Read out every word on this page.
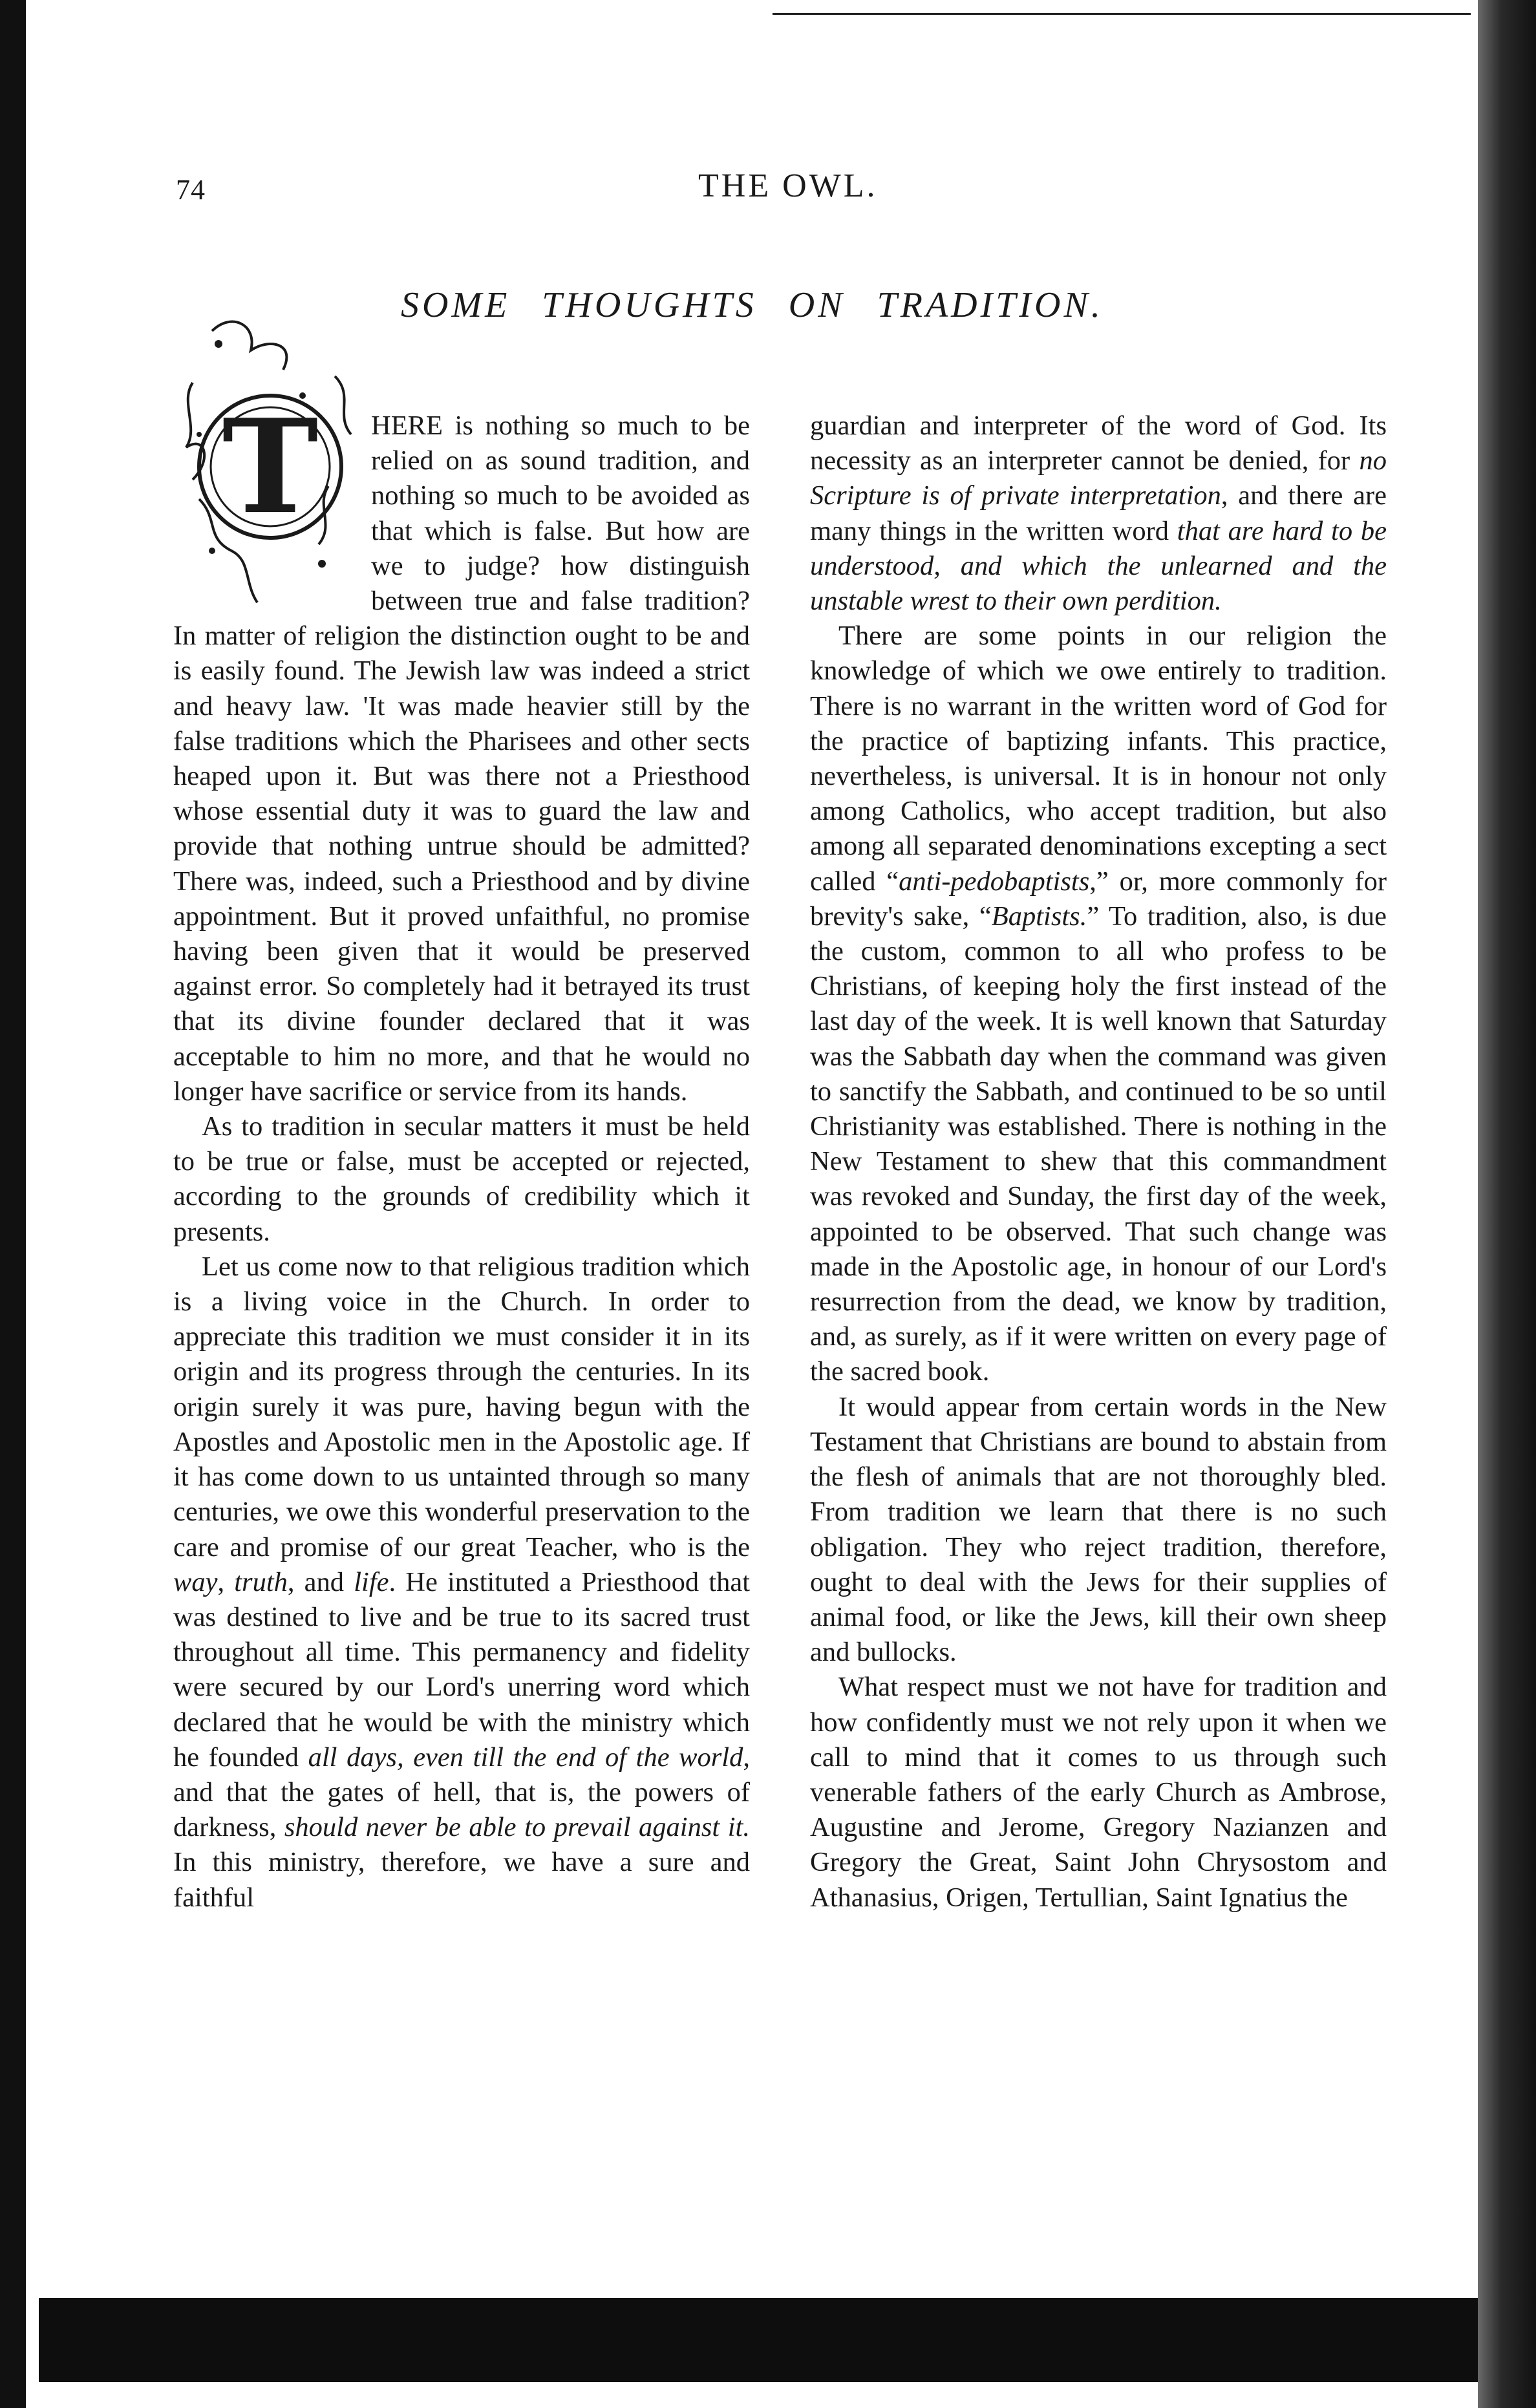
74	THE OWL.
SOME THOUGHTS ON TRADITION.
T	HERE is nothing so much to be relied on as sound tradition, and nothing so much to be avoided as that which is false. But how are we to judge? how distinguish between true and false tradition? In matter of religion the distinction ought to be and is easily found. The Jewish law was indeed a strict and heavy law. 'It was made heavier still by the false traditions which the Pharisees and other sects heaped upon it. But was there not a Priesthood whose essential duty it was to guard the law and provide that nothing untrue should be admitted? There was, indeed, such a Priesthood and by divine appointment. But it proved unfaithful, no promise having been given that it would be preserved against error. So completely had it betrayed its trust that its divine founder declared that it was acceptable to him no more, and that he would no longer have sacrifice or service from its hands.

As to tradition in secular matters it must be held to be true or false, must be accepted or rejected, according to the grounds of credibility which it presents.

Let us come now to that religious tradition which is a living voice in the Church. In order to appreciate this tradition we must consider it in its origin and its progress through the centuries. In its origin surely it was pure, having begun with the Apostles and Apostolic men in the Apostolic age. If it has come down to us untainted through so many centuries, we owe this wonderful preservation to the care and promise of our great Teacher, who is the way, truth, and life. He instituted a Priesthood that was destined to live and be true to its sacred trust throughout all time. This permanency and fidelity were secured by our Lord's unerring word which declared that he would be with the ministry which he founded all days, even till the end of the world, and that the gates of hell, that is, the powers of darkness, should never be able to prevail against it. In this ministry, therefore, we have a sure and faithful

guardian and interpreter of the word of God. Its necessity as an interpreter cannot be denied, for no Scripture is of private interpretation, and there are many things in the written word that are hard to be understood, and which the unlearned and the unstable wrest to their own perdition.

There are some points in our religion the knowledge of which we owe entirely to tradition. There is no warrant in the written word of God for the practice of baptizing infants. This practice, nevertheless, is universal. It is in honour not only among Catholics, who accept tradition, but also among all separated denominations excepting a sect called “anti-pedobaptists,” or, more commonly for brevity's sake, “Baptists.” To tradition, also, is due the custom, common to all who profess to be Christians, of keeping holy the first instead of the last day of the week. It is well known that Saturday was the Sabbath day when the command was given to sanctify the Sabbath, and continued to be so until Christianity was established. There is nothing in the New Testament to shew that this commandment was revoked and Sunday, the first day of the week, appointed to be observed. That such change was made in the Apostolic age, in honour of our Lord's resurrection from the dead, we know by tradition, and, as surely, as if it were written on every page of the sacred book.

It would appear from certain words in the New Testament that Christians are bound to abstain from the flesh of animals that are not thoroughly bled. From tradition we learn that there is no such obligation. They who reject tradition, therefore, ought to deal with the Jews for their supplies of animal food, or like the Jews, kill their own sheep and bullocks.

What respect must we not have for tradition and how confidently must we not rely upon it when we call to mind that it comes to us through such venerable fathers of the early Church as Ambrose, Augustine and Jerome, Gregory Nazianzen and Gregory the Great, Saint John Chrysostom and Athanasius, Origen, Tertullian, Saint Ignatius the
